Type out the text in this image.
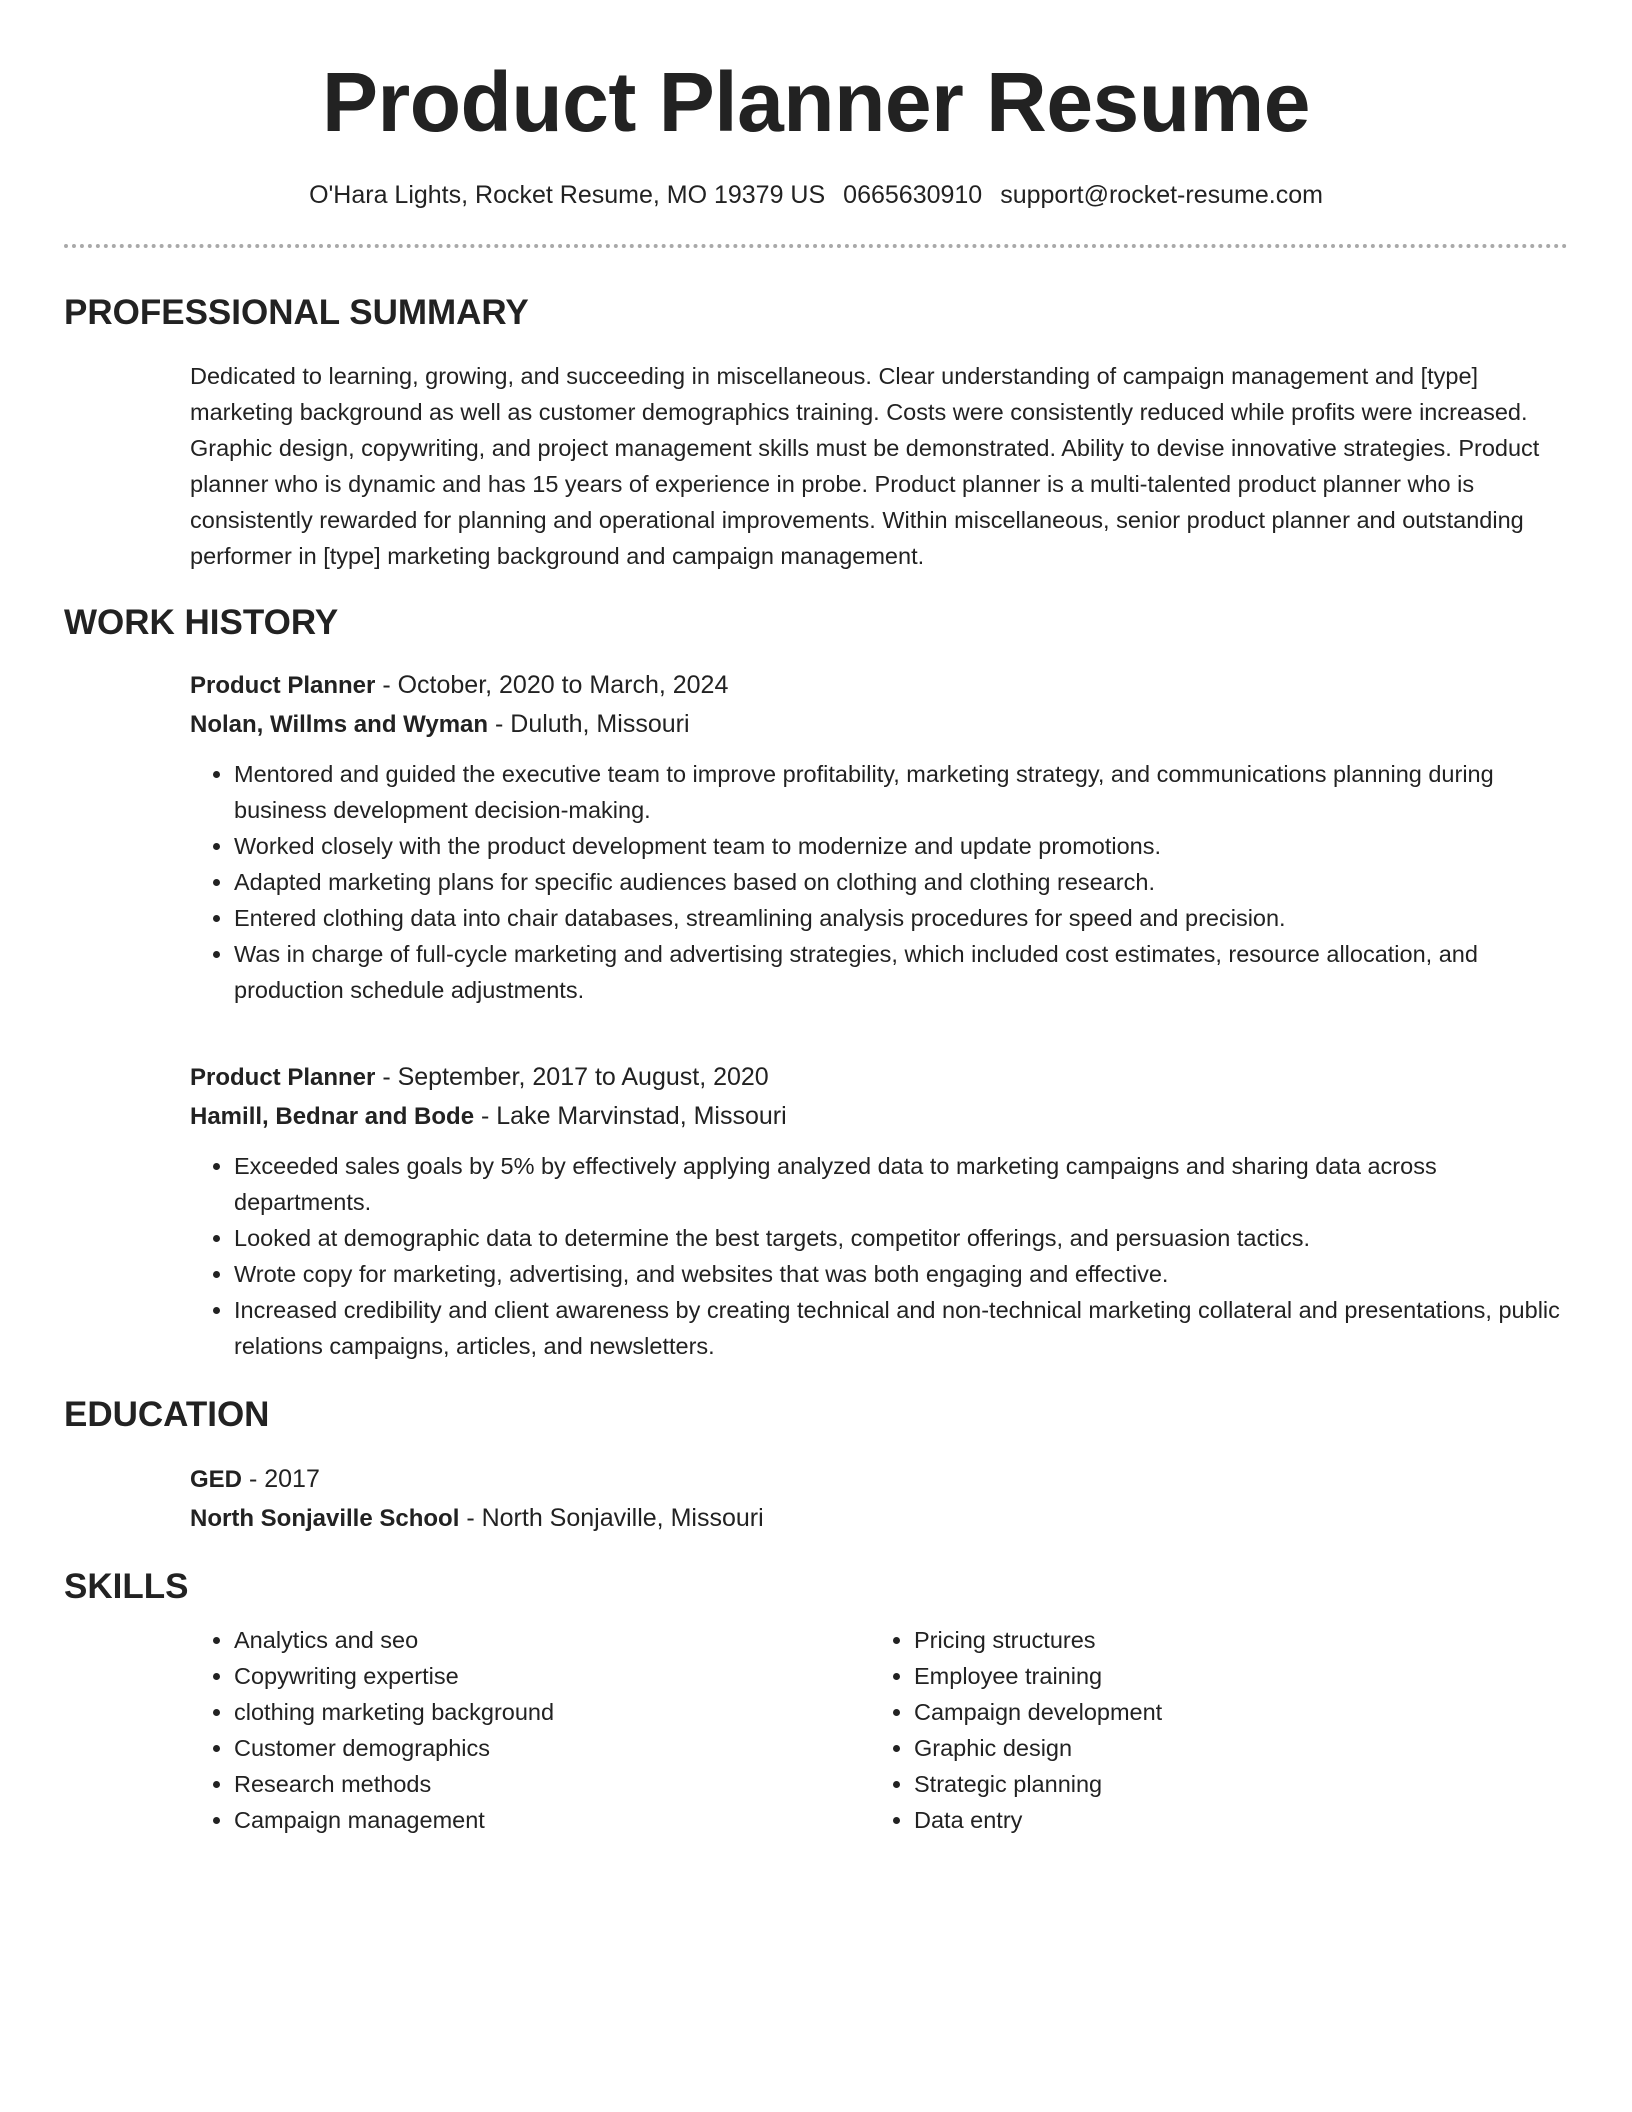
Product Planner Resume
O'Hara Lights, Rocket Resume, MO 19379 US 0665630910 support@rocket-resume.com
PROFESSIONAL SUMMARY

Dedicated to learning, growing, and succeeding in miscellaneous. Clear understanding of campaign management and [type] marketing background as well as customer demographics training. Costs were consistently reduced while profits were increased. Graphic design, copywriting, and project management skills must be demonstrated. Ability to devise innovative strategies. Product planner who is dynamic and has 15 years of experience in probe. Product planner is a multi-talented product planner who is consistently rewarded for planning and operational improvements. Within miscellaneous, senior product planner and outstanding performer in [type] marketing background and campaign management.

WORK HISTORY
Product Planner - October, 2020 to March, 2024
Nolan, Willms and Wyman - Duluth, Missouri
• Mentored and guided the executive team to improve profitability, marketing strategy, and communications planning during business development decision-making.
• Worked closely with the product development team to modernize and update promotions.
• Adapted marketing plans for specific audiences based on clothing and clothing research.
• Entered clothing data into chair databases, streamlining analysis procedures for speed and precision.
• Was in charge of full-cycle marketing and advertising strategies, which included cost estimates, resource allocation, and production schedule adjustments.
Product Planner - September, 2017 to August, 2020
Hamill, Bednar and Bode - Lake Marvinstad, Missouri
• Exceeded sales goals by 5% by effectively applying analyzed data to marketing campaigns and sharing data across departments.
• Looked at demographic data to determine the best targets, competitor offerings, and persuasion tactics.
• Wrote copy for marketing, advertising, and websites that was both engaging and effective.
• Increased credibility and client awareness by creating technical and non-technical marketing collateral and presentations, public relations campaigns, articles, and newsletters.
EDUCATION
GED - 2017
North Sonjaville School - North Sonjaville, Missouri
SKILLS
• Analytics and seo
• Copywriting expertise
• clothing marketing background
• Customer demographics
• Research methods
• Campaign management
• Pricing structures
• Employee training
• Campaign development
• Graphic design
• Strategic planning
• Data entry
